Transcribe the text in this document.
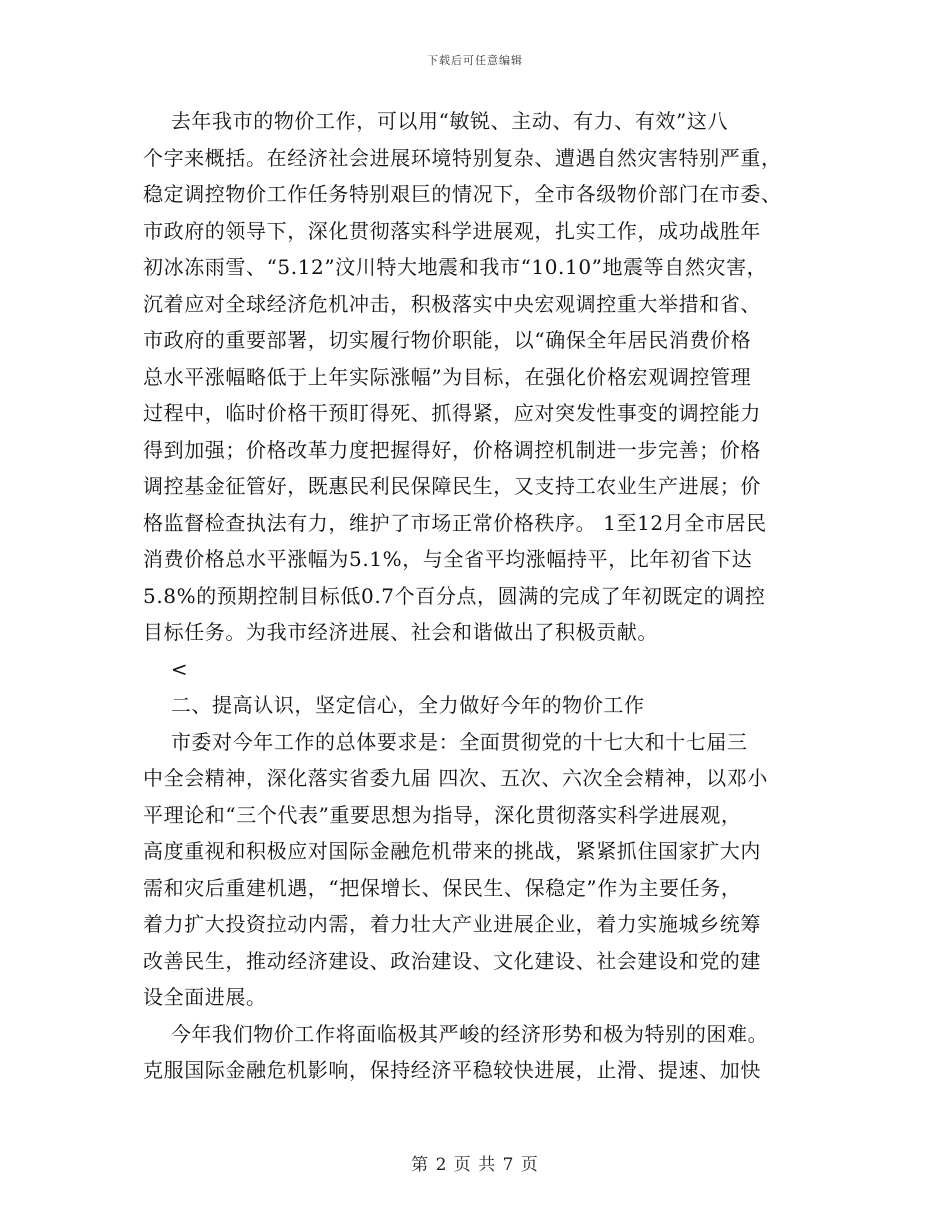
下载后可任意编辑
去年我市的物价工作，可以用“敏锐、主动、有力、有效”这八
个字来概括。在经济社会进展环境特别复杂、遭遇自然灾害特别严重，
稳定调控物价工作任务特别艰巨的情况下，全市各级物价部门在市委、
市政府的领导下，深化贯彻落实科学进展观，扎实工作，成功战胜年
初冰冻雨雪、“5.12”汶川特大地震和我市“10.10”地震等自然灾害，
沉着应对全球经济危机冲击，积极落实中央宏观调控重大举措和省、
市政府的重要部署，切实履行物价职能，以“确保全年居民消费价格
总水平涨幅略低于上年实际涨幅”为目标，在强化价格宏观调控管理
过程中，临时价格干预盯得死、抓得紧，应对突发性事变的调控能力
得到加强；价格改革力度把握得好，价格调控机制进一步完善；价格
调控基金征管好，既惠民利民保障民生，又支持工农业生产进展；价
格监督检查执法有力，维护了市场正常价格秩序。 1至12月全市居民
消费价格总水平涨幅为5.1%，与全省平均涨幅持平，比年初省下达
5.8%的预期控制目标低0.7个百分点，圆满的完成了年初既定的调控
目标任务。为我市经济进展、社会和谐做出了积极贡献。
<
二、提高认识，坚定信心，全力做好今年的物价工作
市委对今年工作的总体要求是：全面贯彻党的十七大和十七届三
中全会精神，深化落实省委九届 四次、五次、六次全会精神，以邓小
平理论和“三个代表”重要思想为指导，深化贯彻落实科学进展观，
高度重视和积极应对国际金融危机带来的挑战，紧紧抓住国家扩大内
需和灾后重建机遇，“把保增长、保民生、保稳定”作为主要任务，
着力扩大投资拉动内需，着力壮大产业进展企业，着力实施城乡统筹
改善民生，推动经济建设、政治建设、文化建设、社会建设和党的建
设全面进展。
今年我们物价工作将面临极其严峻的经济形势和极为特别的困难。
克服国际金融危机影响，保持经济平稳较快进展，止滑、提速、加快
第 2 页 共 7 页
